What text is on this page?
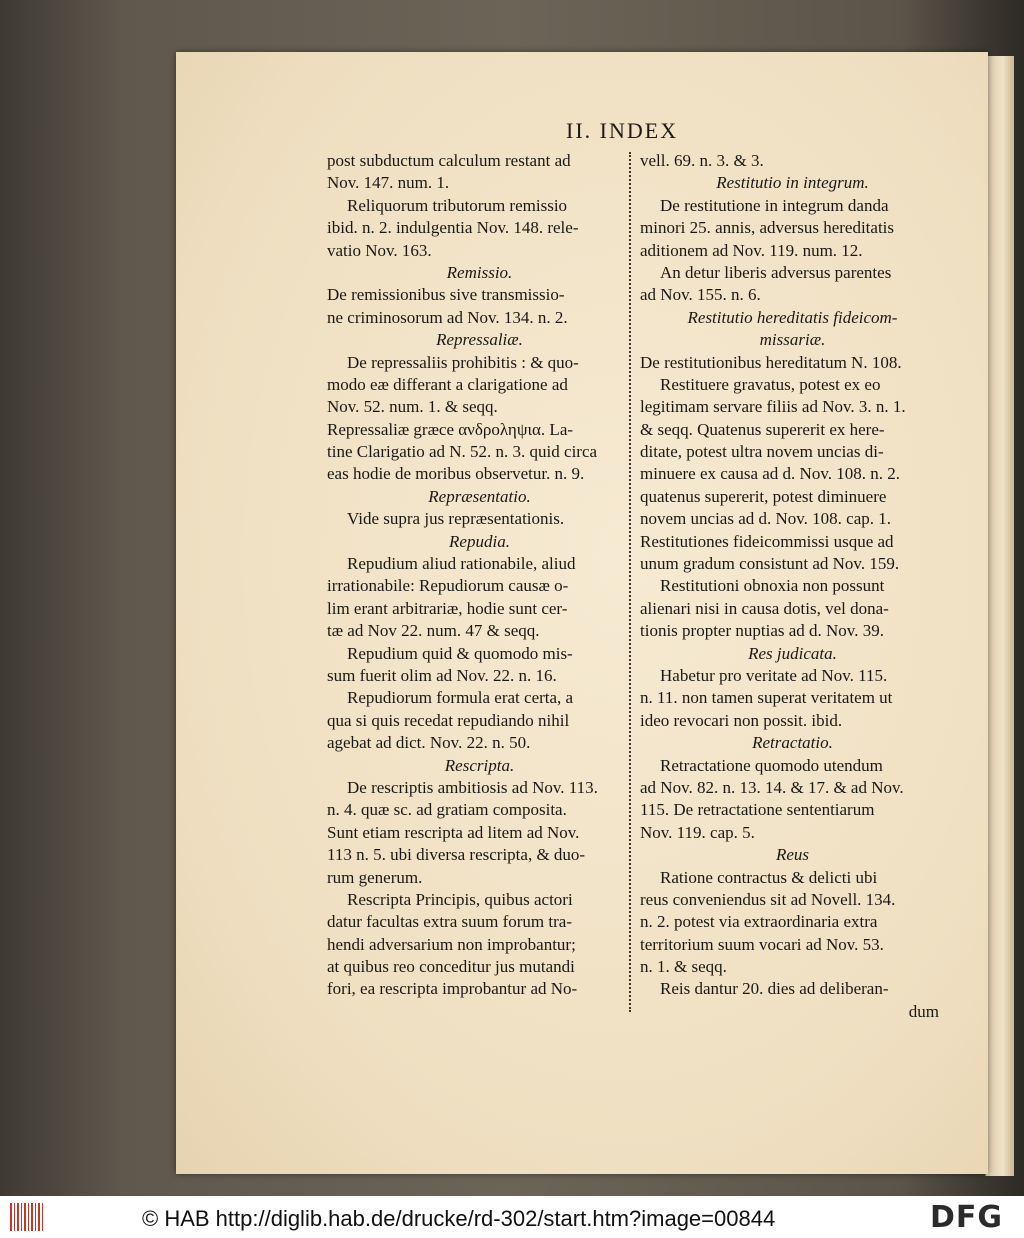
II. INDEX
post subductum calculum restant ad
Nov. 147. num. 1.
Reliquorum tributorum remissio
ibid. n. 2. indulgentia Nov. 148. rele-
vatio Nov. 163.
Remissio.
De remissionibus sive transmissio-
ne criminosorum ad Nov. 134. n. 2.
Repressaliæ.
De repressaliis prohibitis : & quo-
modo eæ differant a clarigatione ad
Nov. 52. num. 1. & seqq.
Repressaliæ græce ανδροληψια. La-
tine Clarigatio ad N. 52. n. 3. quid circa
eas hodie de moribus observetur. n. 9.
Repræsentatio.
Vide supra jus repræsentationis.
Repudia.
Repudium aliud rationabile, aliud
irrationabile: Repudiorum causæ o-
lim erant arbitrariæ, hodie sunt cer-
tæ ad Nov 22. num. 47 & seqq.
Repudium quid & quomodo mis-
sum fuerit olim ad Nov. 22. n. 16.
Repudiorum formula erat certa, a
qua si quis recedat repudiando nihil
agebat ad dict. Nov. 22. n. 50.
Rescripta.
De rescriptis ambitiosis ad Nov. 113.
n. 4. quæ sc. ad gratiam composita.
Sunt etiam rescripta ad litem ad Nov.
113 n. 5. ubi diversa rescripta, & duo-
rum generum.
Rescripta Principis, quibus actori
datur facultas extra suum forum tra-
hendi adversarium non improbantur;
at quibus reo conceditur jus mutandi
fori, ea rescripta improbantur ad No-
vell. 69. n. 3. & 3.
Restitutio in integrum.
De restitutione in integrum danda
minori 25. annis, adversus hereditatis
aditionem ad Nov. 119. num. 12.
An detur liberis adversus parentes
ad Nov. 155. n. 6.
Restitutio hereditatis fideicom-
missariæ.
De restitutionibus hereditatum N. 108.
Restituere gravatus, potest ex eo
legitimam servare filiis ad Nov. 3. n. 1.
& seqq. Quatenus supererit ex here-
ditate, potest ultra novem uncias di-
minuere ex causa ad d. Nov. 108. n. 2.
quatenus supererit, potest diminuere
novem uncias ad d. Nov. 108. cap. 1.
Restitutiones fideicommissi usque ad
unum gradum consistunt ad Nov. 159.
Restitutioni obnoxia non possunt
alienari nisi in causa dotis, vel dona-
tionis propter nuptias ad d. Nov. 39.
Res judicata.
Habetur pro veritate ad Nov. 115.
n. 11. non tamen superat veritatem ut
ideo revocari non possit. ibid.
Retractatio.
Retractatione quomodo utendum
ad Nov. 82. n. 13. 14. & 17. & ad Nov.
115. De retractatione sententiarum
Nov. 119. cap. 5.
Reus
Ratione contractus & delicti ubi
reus conveniendus sit ad Novell. 134.
n. 2. potest via extraordinaria extra
territorium suum vocari ad Nov. 53.
n. 1. & seqq.
Reis dantur 20. dies ad deliberan-
dum
© HAB http://diglib.hab.de/drucke/rd-302/start.htm?image=00844	DFG
